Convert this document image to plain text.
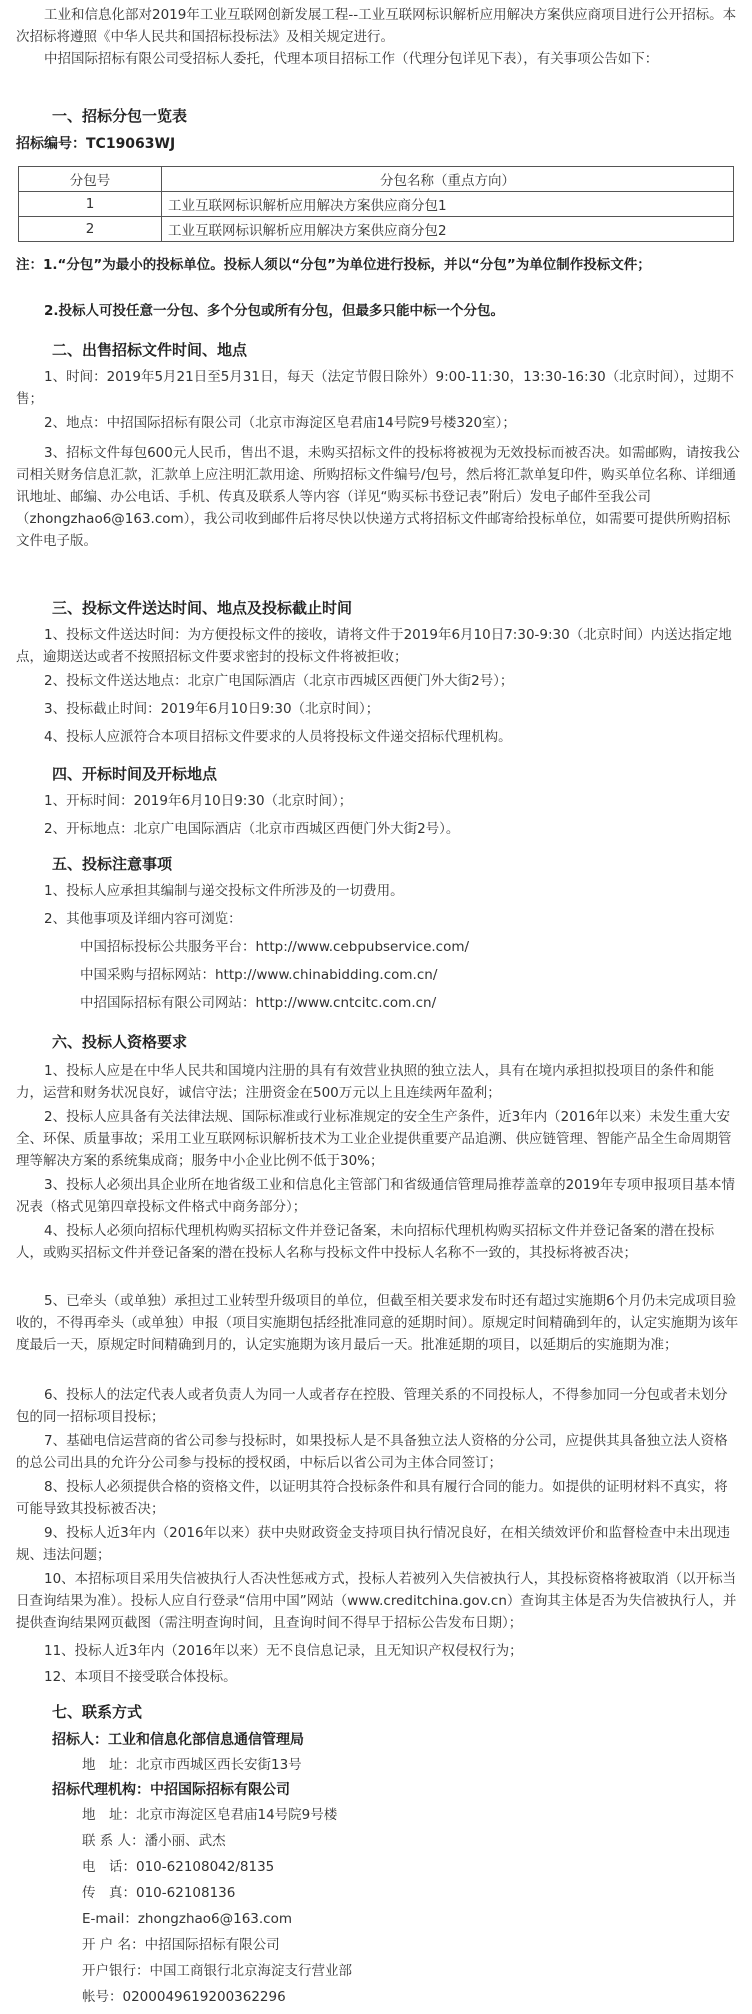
工业和信息化部对2019年工业互联网创新发展工程--工业互联网标识解析应用解决方案供应商项目进行公开招标。本次招标将遵照《中华人民共和国招标投标法》及相关规定进行。
中招国际招标有限公司受招标人委托，代理本项目招标工作（代理分包详见下表），有关事项公告如下：
一、招标分包一览表
招标编号：TC19063WJ
分包号	分包名称（重点方向）
1	工业互联网标识解析应用解决方案供应商分包1
2	工业互联网标识解析应用解决方案供应商分包2
注：1.“分包”为最小的投标单位。投标人须以“分包”为单位进行投标，并以“分包”为单位制作投标文件；
2.投标人可投任意一分包、多个分包或所有分包，但最多只能中标一个分包。
二、出售招标文件时间、地点
1、时间：2019年5月21日至5月31日，每天（法定节假日除外）9:00-11:30，13:30-16:30（北京时间），过期不售；
2、地点：中招国际招标有限公司（北京市海淀区皂君庙14号院9号楼320室）；
3、招标文件每包600元人民币，售出不退，未购买招标文件的投标将被视为无效投标而被否决。如需邮购，请按我公司相关财务信息汇款，汇款单上应注明汇款用途、所购招标文件编号/包号，然后将汇款单复印件，购买单位名称、详细通讯地址、邮编、办公电话、手机、传真及联系人等内容（详见“购买标书登记表”附后）发电子邮件至我公司（zhongzhao6@163.com），我公司收到邮件后将尽快以快递方式将招标文件邮寄给投标单位，如需要可提供所购招标文件电子版。
三、投标文件送达时间、地点及投标截止时间
1、投标文件送达时间：为方便投标文件的接收，请将文件于2019年6月10日7:30-9:30（北京时间）内送达指定地点，逾期送达或者不按照招标文件要求密封的投标文件将被拒收；
2、投标文件送达地点：北京广电国际酒店（北京市西城区西便门外大街2号）；
3、投标截止时间：2019年6月10日9:30（北京时间）；
4、投标人应派符合本项目招标文件要求的人员将投标文件递交招标代理机构。
四、开标时间及开标地点
1、开标时间：2019年6月10日9:30（北京时间）；
2、开标地点：北京广电国际酒店（北京市西城区西便门外大街2号）。
五、投标注意事项
1、投标人应承担其编制与递交投标文件所涉及的一切费用。
2、其他事项及详细内容可浏览：
中国招标投标公共服务平台：http://www.cebpubservice.com/
中国采购与招标网站：http://www.chinabidding.com.cn/
中招国际招标有限公司网站：http://www.cntcitc.com.cn/
六、投标人资格要求
1、投标人应是在中华人民共和国境内注册的具有有效营业执照的独立法人，具有在境内承担拟投项目的条件和能力，运营和财务状况良好，诚信守法；注册资金在500万元以上且连续两年盈利；
2、投标人应具备有关法律法规、国际标准或行业标准规定的安全生产条件，近3年内（2016年以来）未发生重大安全、环保、质量事故；采用工业互联网标识解析技术为工业企业提供重要产品追溯、供应链管理、智能产品全生命周期管理等解决方案的系统集成商；服务中小企业比例不低于30%；
3、投标人必须出具企业所在地省级工业和信息化主管部门和省级通信管理局推荐盖章的2019年专项申报项目基本情况表（格式见第四章投标文件格式中商务部分）；
4、投标人必须向招标代理机构购买招标文件并登记备案，未向招标代理机构购买招标文件并登记备案的潜在投标人，或购买招标文件并登记备案的潜在投标人名称与投标文件中投标人名称不一致的，其投标将被否决；
5、已牵头（或单独）承担过工业转型升级项目的单位，但截至相关要求发布时还有超过实施期6个月仍未完成项目验收的，不得再牵头（或单独）申报（项目实施期包括经批准同意的延期时间）。原规定时间精确到年的，认定实施期为该年度最后一天，原规定时间精确到月的，认定实施期为该月最后一天。批准延期的项目，以延期后的实施期为准；
6、投标人的法定代表人或者负责人为同一人或者存在控股、管理关系的不同投标人，不得参加同一分包或者未划分包的同一招标项目投标；
7、基础电信运营商的省公司参与投标时，如果投标人是不具备独立法人资格的分公司，应提供其具备独立法人资格的总公司出具的允许分公司参与投标的授权函，中标后以省公司为主体合同签订；
8、投标人必须提供合格的资格文件，以证明其符合投标条件和具有履行合同的能力。如提供的证明材料不真实，将可能导致其投标被否决；
9、投标人近3年内（2016年以来）获中央财政资金支持项目执行情况良好，在相关绩效评价和监督检查中未出现违规、违法问题；
10、本招标项目采用失信被执行人否决性惩戒方式，投标人若被列入失信被执行人，其投标资格将被取消（以开标当日查询结果为准）。投标人应自行登录“信用中国”网站（www.creditchina.gov.cn）查询其主体是否为失信被执行人，并提供查询结果网页截图（需注明查询时间，且查询时间不得早于招标公告发布日期）；
11、投标人近3年内（2016年以来）无不良信息记录，且无知识产权侵权行为；
12、本项目不接受联合体投标。
七、联系方式
招标人：工业和信息化部信息通信管理局
地　址：北京市西城区西长安街13号
招标代理机构：中招国际招标有限公司
地　址：北京市海淀区皂君庙14号院9号楼
联 系 人：潘小丽、武杰
电　话：010-62108042/8135
传　真：010-62108136
E-mail：zhongzhao6@163.com
开 户 名：中招国际招标有限公司
开户银行：中国工商银行北京海淀支行营业部
帐号：0200049619200362296
